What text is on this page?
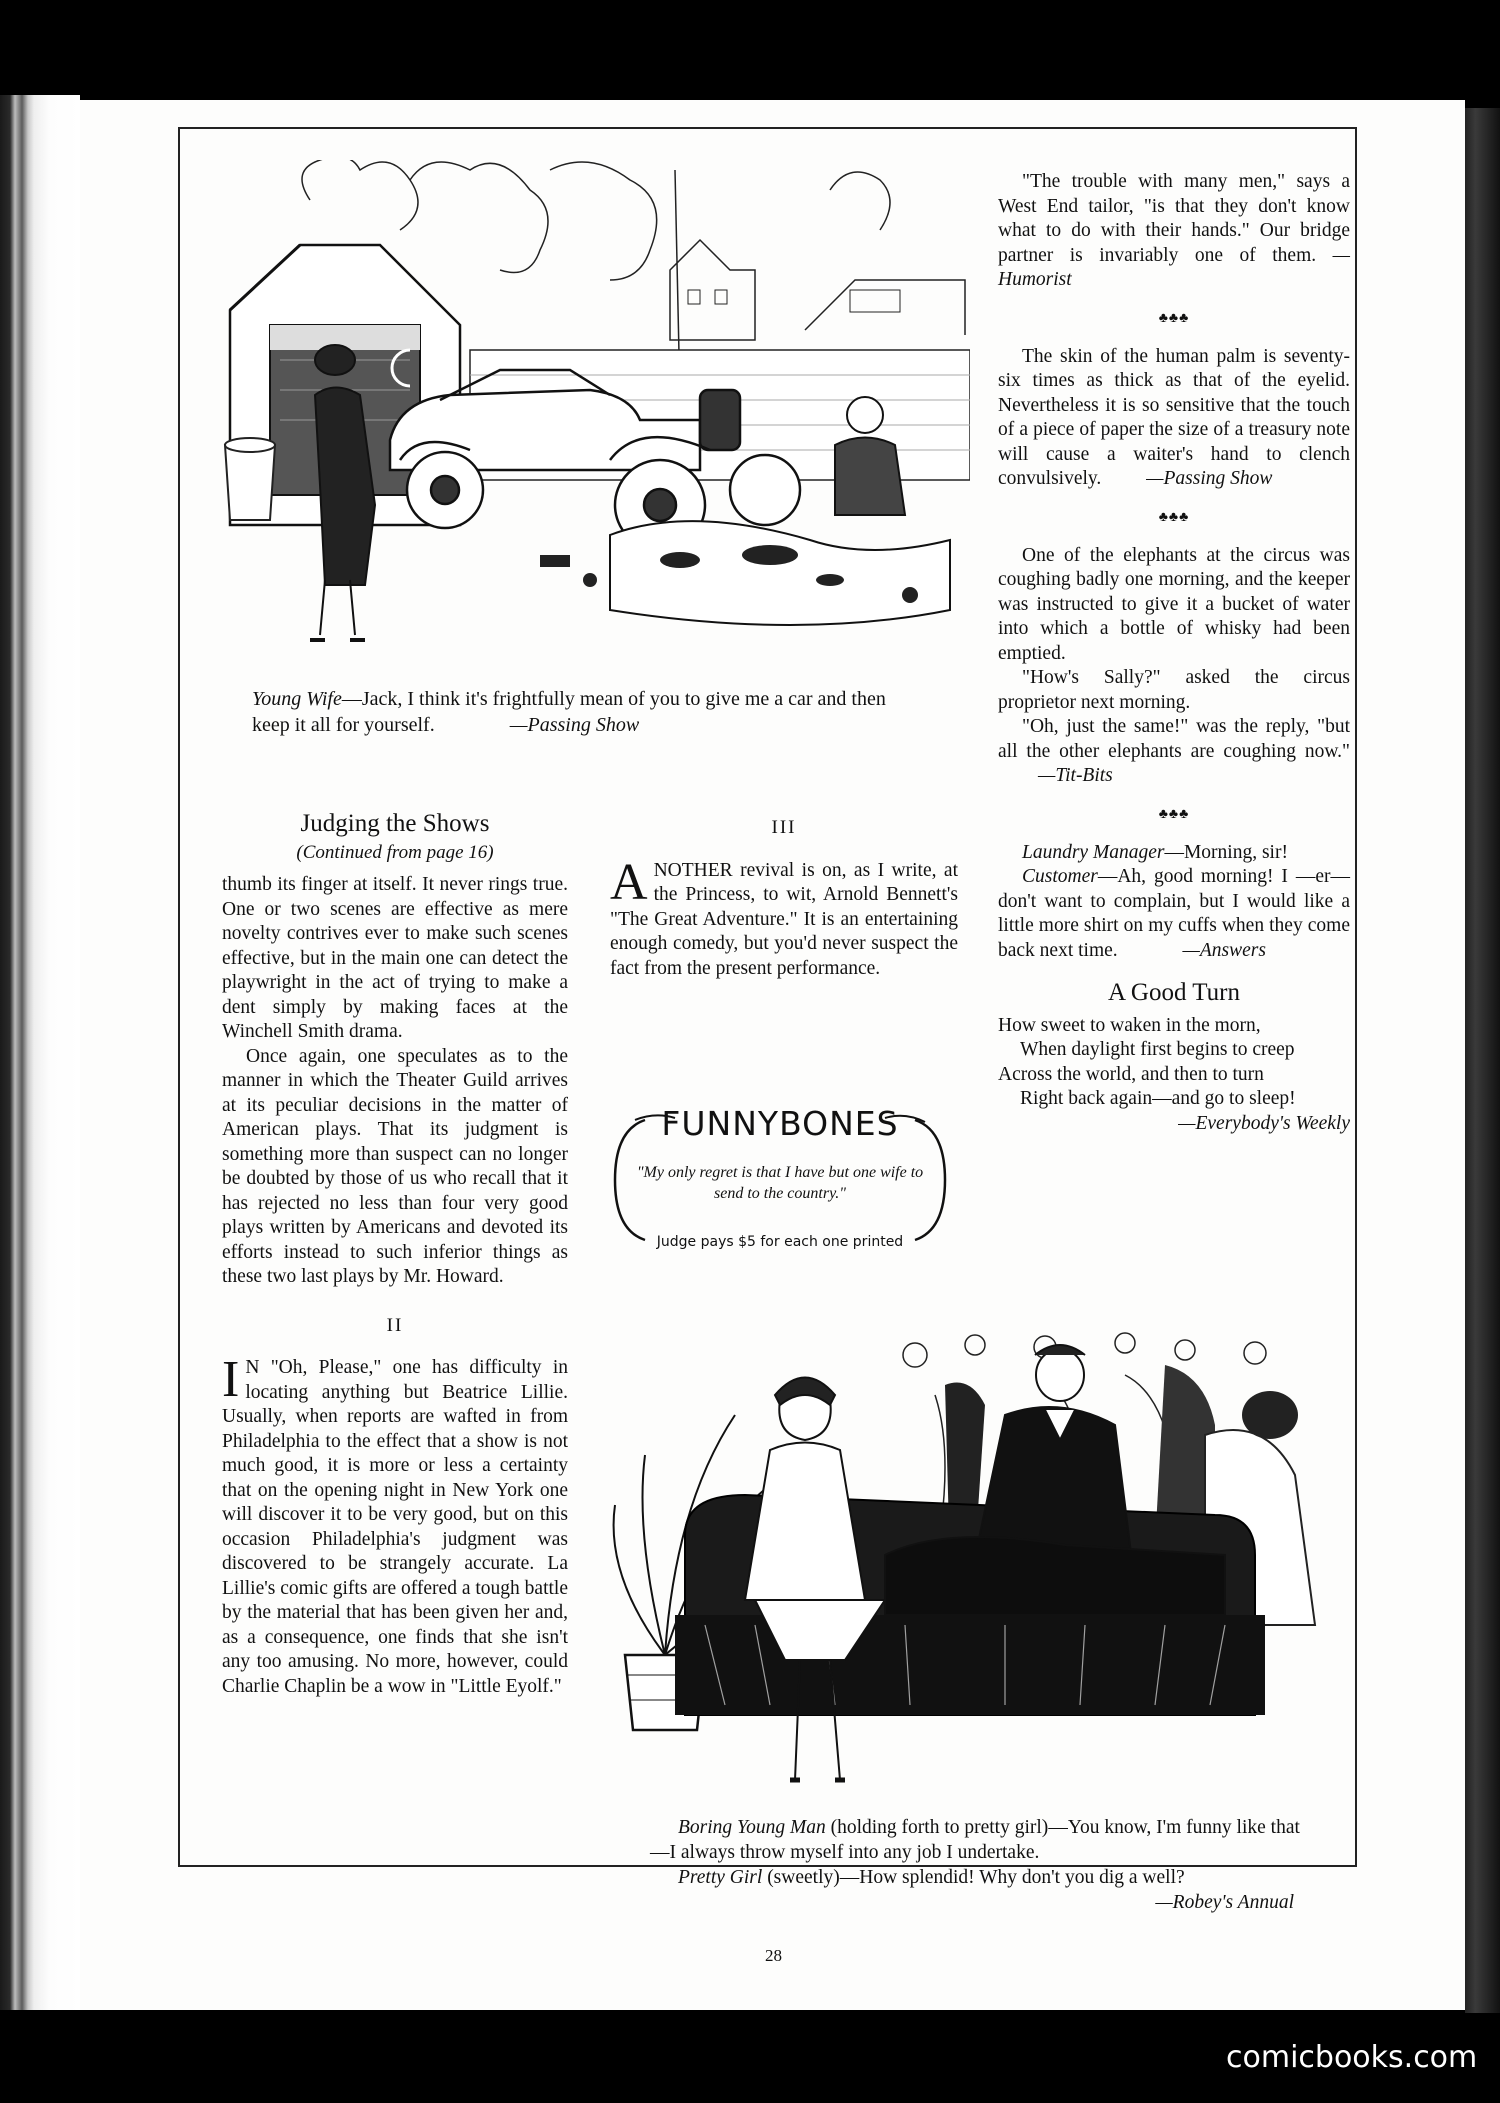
Young Wife—Jack, I think it's frightfully mean of you to give me a car and then keep it all for yourself.	—Passing Show

"The trouble with many men," says a West End tailor, "is that they don't know what to do with their hands." Our bridge partner is invariably one of them. —Humorist

♣♣♣

The skin of the human palm is seventy-six times as thick as that of the eyelid. Nevertheless it is so sensitive that the touch of a piece of paper the size of a treasury note will cause a waiter's hand to clench convulsively. —Passing Show

♣♣♣

One of the elephants at the circus was coughing badly one morning, and the keeper was instructed to give it a bucket of water into which a bottle of whisky had been emptied.

"How's Sally?" asked the circus proprietor next morning.

"Oh, just the same!" was the reply, "but all the other elephants are coughing now." —Tit-Bits

♣♣♣

Laundry Manager—Morning, sir!

Customer—Ah, good morning! I —er—don't want to complain, but I would like a little more shirt on my cuffs when they come back next time.	—Answers

A Good Turn
How sweet to waken in the morn,
When daylight first begins to creep
Across the world, and then to turn
Right back again—and go to sleep!
—Everybody's Weekly
Judging the Shows
(Continued from page 16)

thumb its finger at itself. It never rings true. One or two scenes are effective as mere novelty contrives ever to make such scenes effective, but in the main one can detect the playwright in the act of trying to make a dent simply by making faces at the Winchell Smith drama.

Once again, one speculates as to the manner in which the Theater Guild arrives at its peculiar decisions in the matter of American plays. That its judgment is something more than suspect can no longer be doubted by those of us who recall that it has rejected no less than four very good plays written by Americans and devoted its efforts instead to such inferior things as these two last plays by Mr. Howard.

II

I N "Oh, Please," one has difficulty in locating anything but Beatrice Lillie. Usually, when reports are wafted in from Philadelphia to the effect that a show is not much good, it is more or less a certainty that on the opening night in New York one will discover it to be very good, but on this occasion Philadelphia's judgment was discovered to be strangely accurate. La Lillie's comic gifts are offered a tough battle by the material that has been given her and, as a consequence, one finds that she isn't any too amusing. No more, however, could Charlie Chaplin be a wow in "Little Eyolf."

III

ANOTHER revival is on, as I write, at the Princess, to wit, Arnold Bennett's "The Great Adventure." It is an entertaining enough comedy, but you'd never suspect the fact from the present performance.

FUNNYBONES
"My only regret is that I have but one wife to send to the country."
Judge pays $5 for each one printed
Boring Young Man (holding forth to pretty girl)—You know, I'm funny like that—I always throw myself into any job I undertake.
Pretty Girl (sweetly)—How splendid! Why don't you dig a well?
—Robey's Annual
28
comicbooks.com
